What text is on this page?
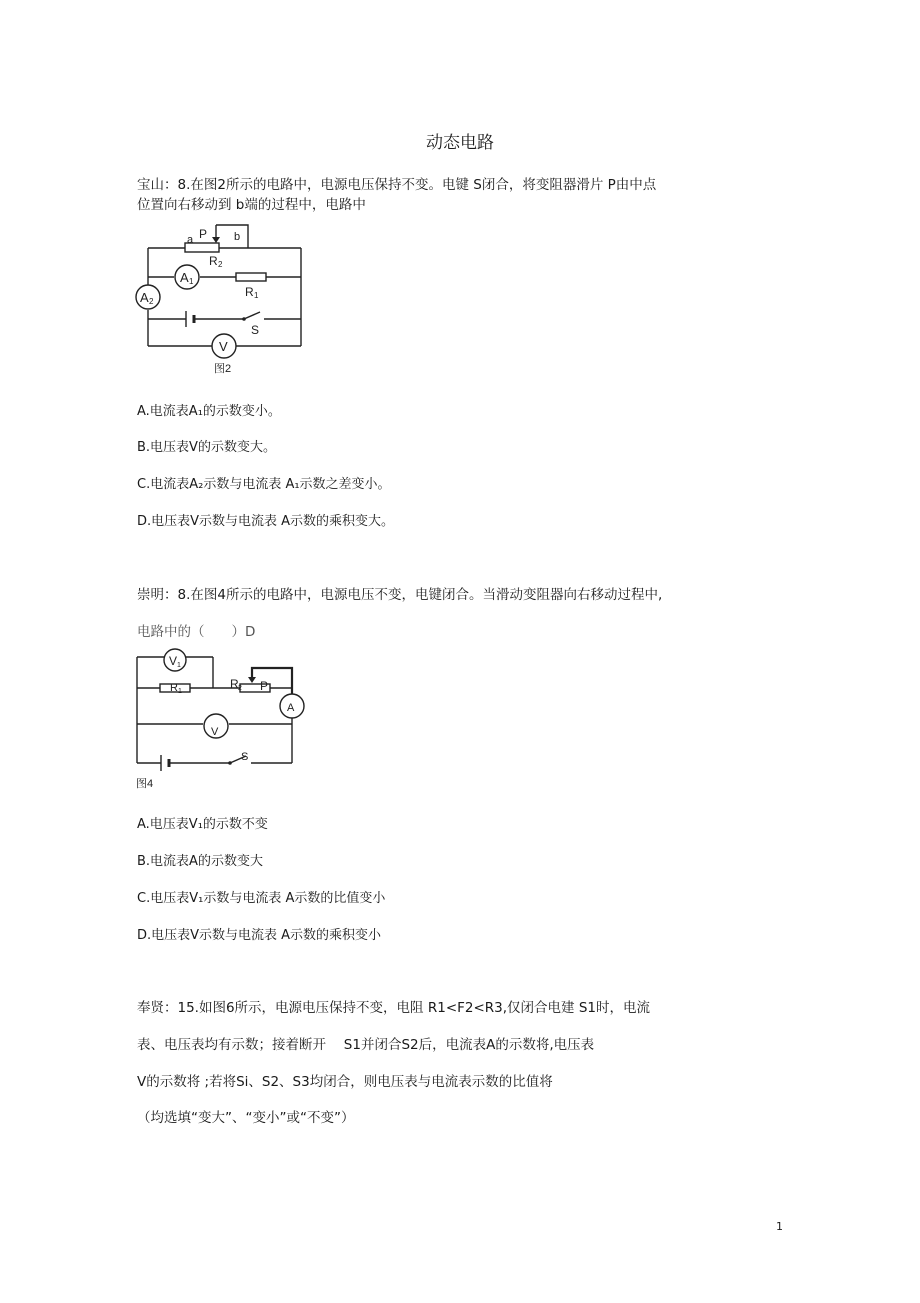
动态电路
宝山：8.在图2所示的电路中，电源电压保持不变。电键 S闭合，将变阻器滑片 P由中点
位置向右移动到 b端的过程中，电路中
a P b
R 2
A 1
R 1
A 2
S
V
图2
A.电流表A₁的示数变小。
B.电压表V的示数变大。
C.电流表A₂示数与电流表 A₁示数之差变小。
D.电压表V示数与电流表 A示数的乘积变大。
崇明：8.在图4所示的电路中，电源电压不变，电键闭合。当滑动变阻器向右移动过程中,
电路中的（　　）D
V 1
R 1
R 2 P
A
V
S
图4
A.电压表V₁的示数不变
B.电流表A的示数变大
C.电压表V₁示数与电流表 A示数的比值变小
D.电压表V示数与电流表 A示数的乘积变小
奉贤：15.如图6所示，电源电压保持不变，电阻 R1<F2<R3,仅闭合电建 S1时，电流
表、电压表均有示数；接着断开　 S1并闭合S2后，电流表A的示数将,电压表
V的示数将 ;若将Si、S2、S3均闭合，则电压表与电流表示数的比值将
（均选填“变大”、“变小”或“不变”）
1
